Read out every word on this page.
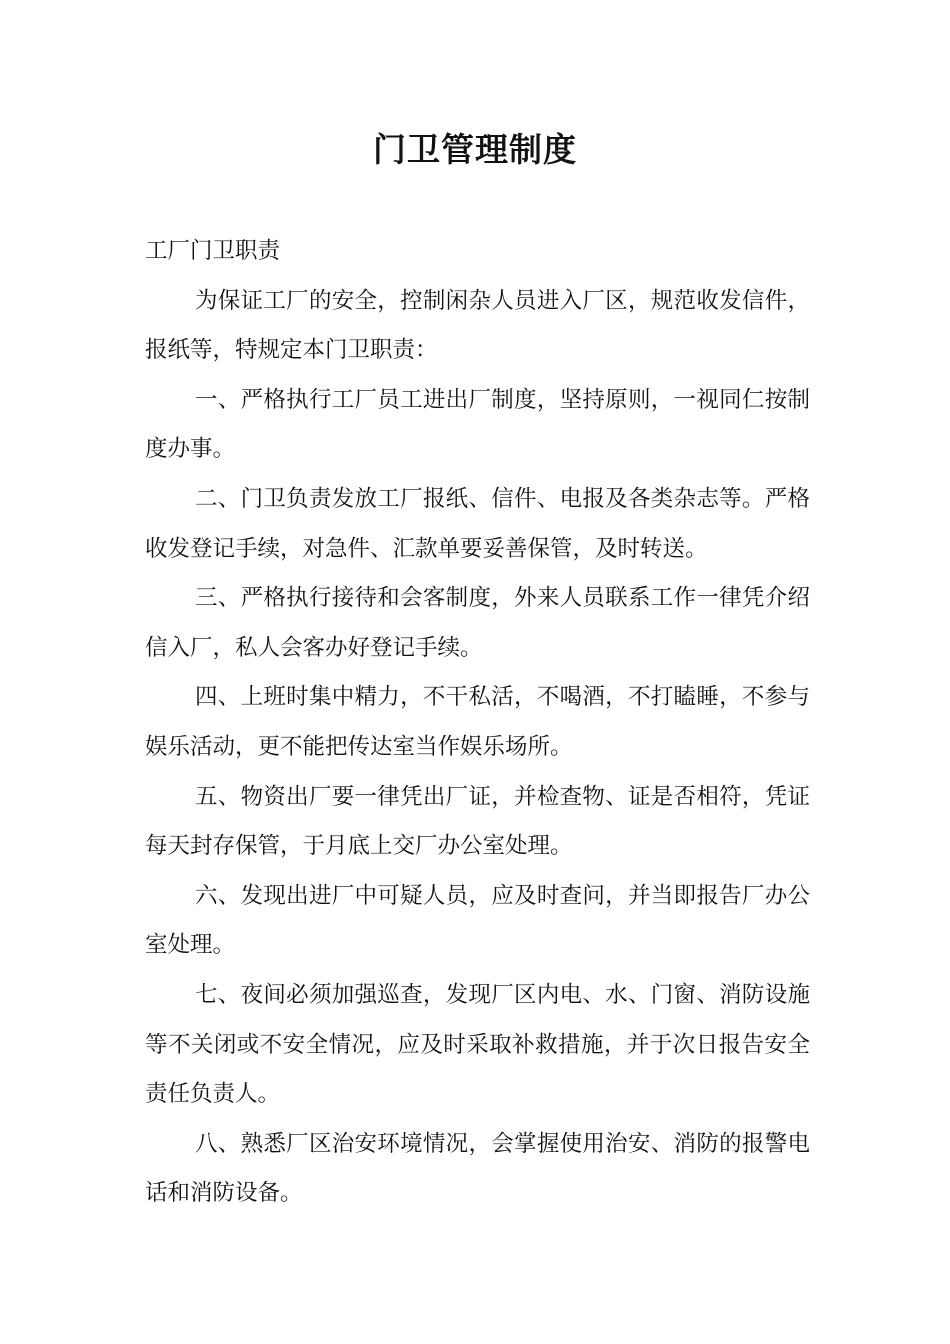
门卫管理制度

工厂门卫职责

为保证工厂的安全，控制闲杂人员进入厂区，规范收发信件，报纸等，特规定本门卫职责：

一、严格执行工厂员工进出厂制度，坚持原则，一视同仁按制度办事。

二、门卫负责发放工厂报纸、信件、电报及各类杂志等。严格收发登记手续，对急件、汇款单要妥善保管，及时转送。

三、严格执行接待和会客制度，外来人员联系工作一律凭介绍信入厂，私人会客办好登记手续。

四、上班时集中精力，不干私活，不喝酒，不打瞌睡，不参与娱乐活动，更不能把传达室当作娱乐场所。

五、物资出厂要一律凭出厂证，并检查物、证是否相符，凭证每天封存保管，于月底上交厂办公室处理。

六、发现出进厂中可疑人员，应及时查问，并当即报告厂办公室处理。

七、夜间必须加强巡查，发现厂区内电、水、门窗、消防设施等不关闭或不安全情况，应及时采取补救措施，并于次日报告安全责任负责人。

八、熟悉厂区治安环境情况，会掌握使用治安、消防的报警电话和消防设备。
